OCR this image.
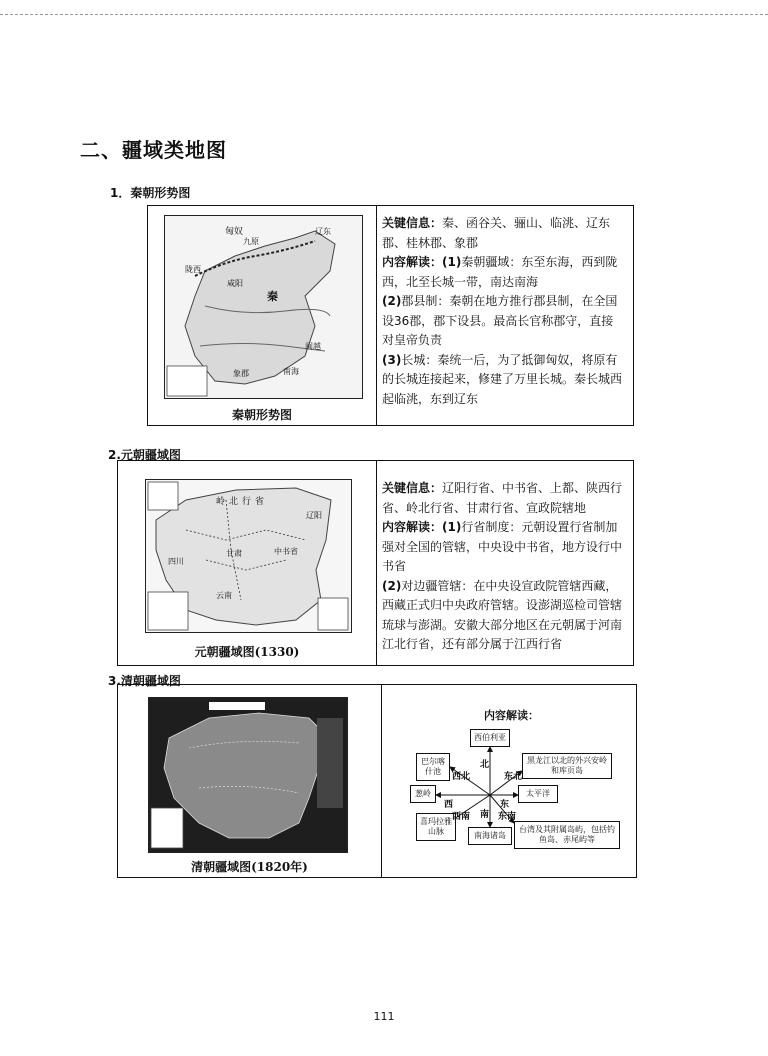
二、疆域类地图
1．秦朝形势图
匈奴
九原
辽东
陇西
咸阳
秦
闽越
南海
象郡
秦朝形势图

关键信息：秦、函谷关、骊山、临洮、辽东郡、桂林郡、象郡

内容解读：(1)秦朝疆域：东至东海，西到陇西，北至长城一带，南达南海

(2)郡县制：秦朝在地方推行郡县制，在全国设36郡，郡下设县。最高长官称郡守，直接对皇帝负责

(3)长城：秦统一后，为了抵御匈奴，将原有的长城连接起来，修建了万里长城。秦长城西起临洮，东到辽东

2.元朝疆域图
岭北行省
辽阳
甘肃	中书省
四川
云南
元朝疆域图(1330)

关键信息：辽阳行省、中书省、上都、陕西行省、岭北行省、甘肃行省、宣政院辖地

内容解读：(1)行省制度：元朝设置行省制加强对全国的管辖，中央设中书省，地方设行中书省

(2)对边疆管辖：在中央设宣政院管辖西藏，西藏正式归中央政府管辖。设澎湖巡检司管辖琉球与澎湖。安徽大部分地区在元朝属于河南江北行省，还有部分属于江西行省

3.清朝疆域图
清朝疆域图(1820年)
内容解读：
西伯利亚
巴尔喀什池
黑龙江以北的外兴安岭和库页岛
葱岭	太平洋
喜玛拉雅山脉	南海诸岛
台湾及其附属岛屿，包括钓鱼岛、赤尾屿等
北
南
西	东
西北	东北
西南	东南
111
